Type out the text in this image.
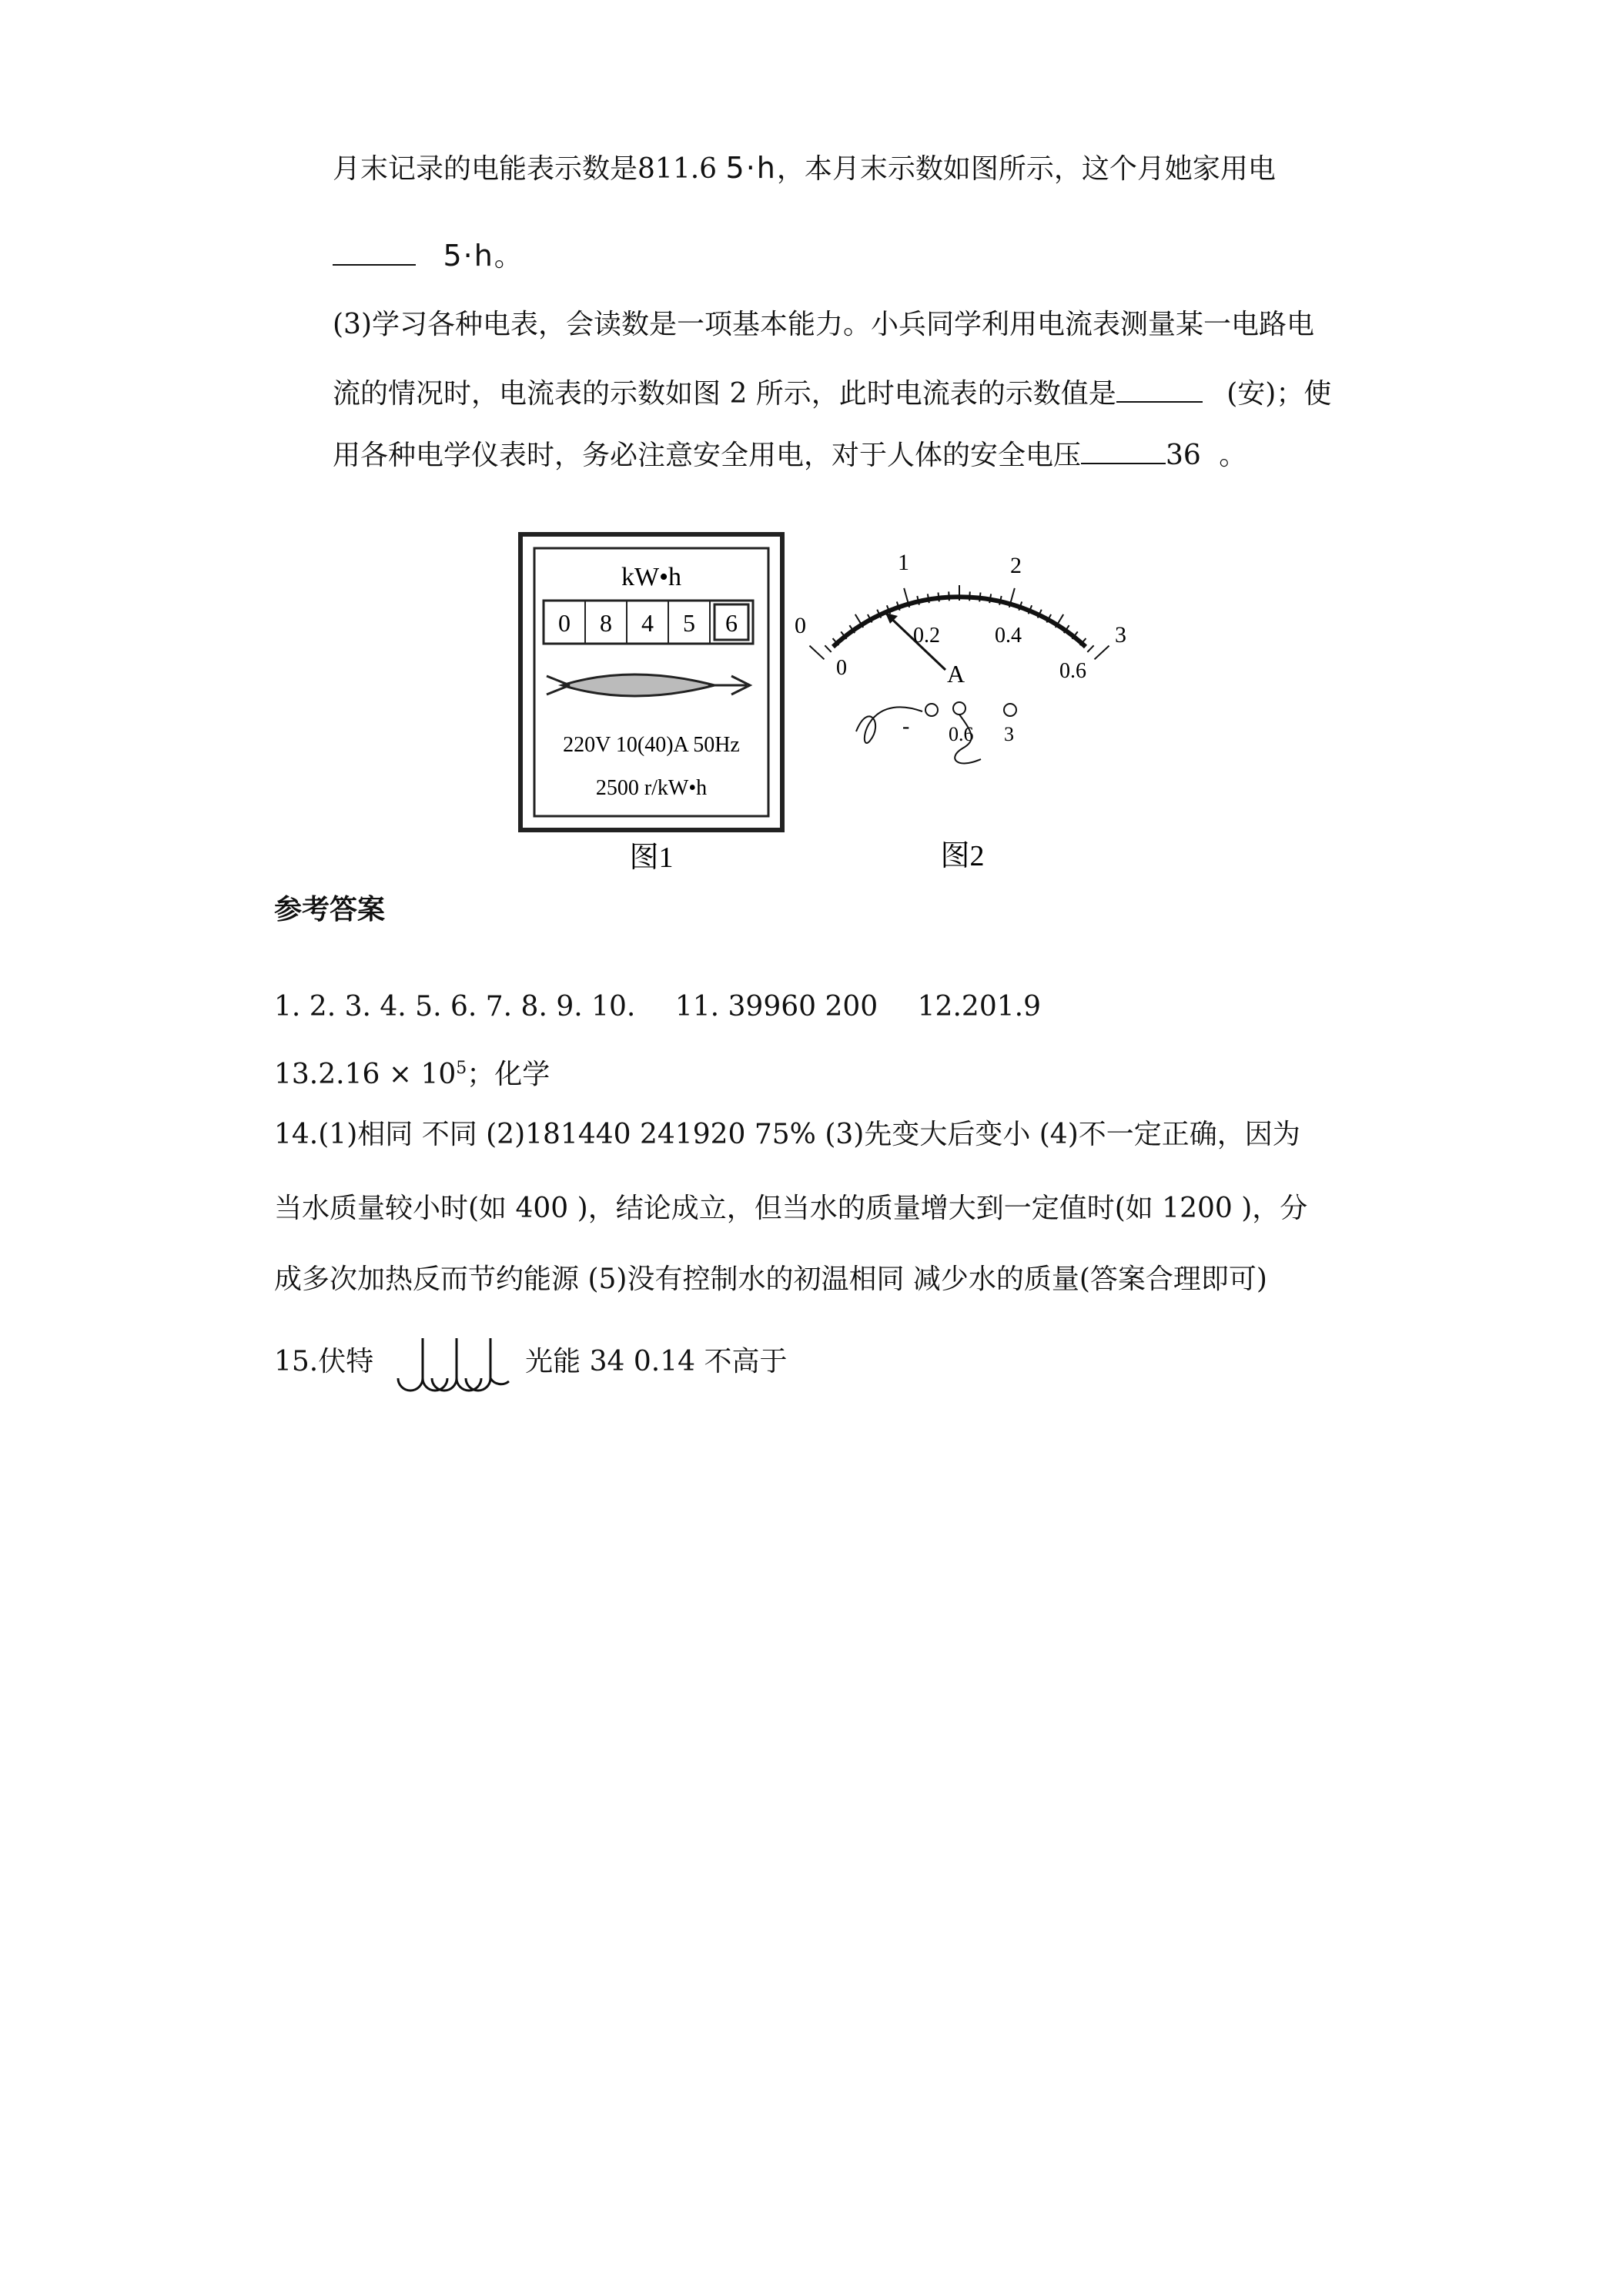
月末记录的电能表示数是811.6 5·h，本月末示数如图所示，这个月她家用电
5·h。
(3)学习各种电表，会读数是一项基本能力。小兵同学利用电流表测量某一电路电
流的情况时，电流表的示数如图 2 所示，此时电流表的示数值是	(安)；使
用各种电学仪表时，务必注意安全用电，对于人体的安全电压	36 。
kW•h
0 8 4 5 6
220V 10(40)A 50Hz
2500 r/kW•h
图1
0
1	2
3
0
0.2	0.4
0.6
A
- 0.6 3
图2
参考答案
1. 2. 3. 4. 5. 6. 7. 8. 9. 10. 11. 39960 200 12.201.9
$13.2.16 \times 10^5$；化学
14.(1)相同 不同 (2)181440 241920 75% (3)先变大后变小 (4)不一定正确，因为
当水质量较小时(如 400 )，结论成立，但当水的质量增大到一定值时(如 1200 )，分
成多次加热反而节约能源 (5)没有控制水的初温相同 减少水的质量(答案合理即可)
15.伏特	光能 34 0.14 不高于
